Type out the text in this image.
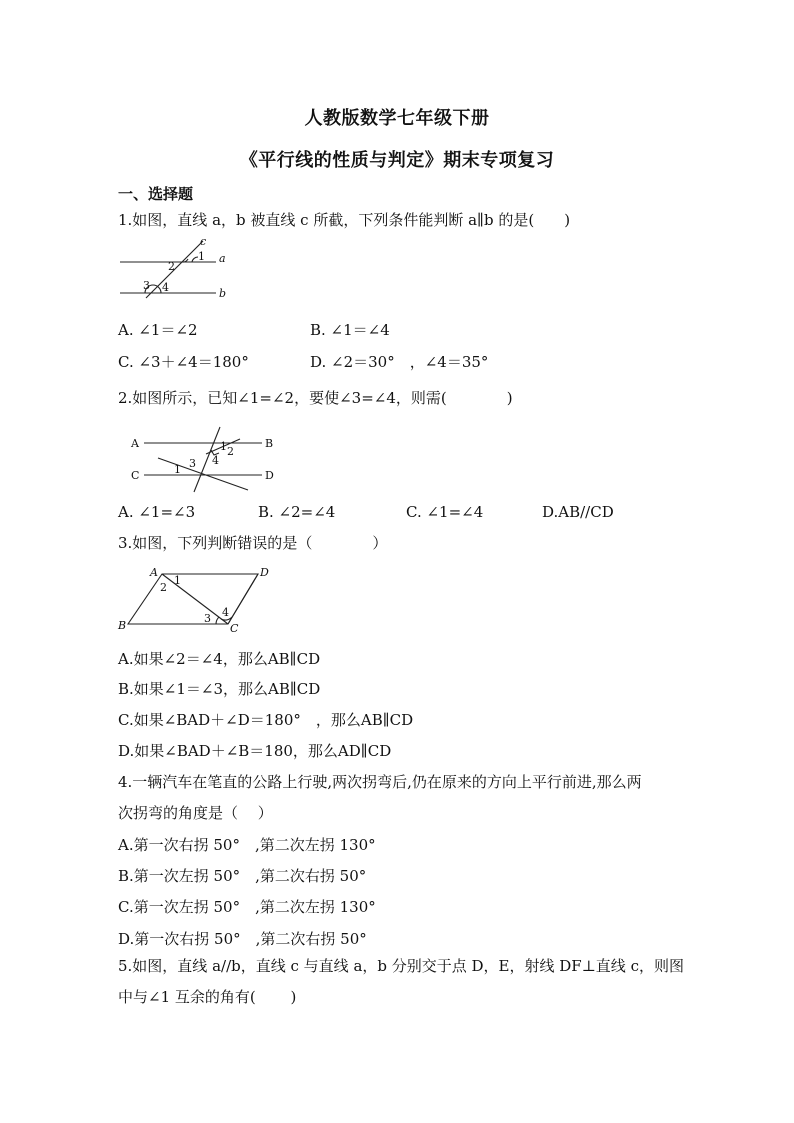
人教版数学七年级下册
《平行线的性质与判定》期末专项复习
一、选择题
1.如图，直线 a，b 被直线 c 所截，下列条件能判断 a∥b 的是(　　)
c
a
b
1
2
3 4
A. ∠1＝∠2	B. ∠1＝∠4
C. ∠3＋∠4＝180°	D. ∠2＝30°　，∠4＝35°
2.如图所示，已知∠1=∠2，要使∠3=∠4，则需(　　　　)
A	B
C	D
1 2
3 4
1
A. ∠1=∠3	B. ∠2=∠4	C. ∠1=∠4	D.AB//CD
3.如图，下列判断错误的是（　　　　）
A	D
B	C
1
2
3 4
A.如果∠2＝∠4，那么AB∥CD
B.如果∠1＝∠3，那么AB∥CD
C.如果∠BAD＋∠D＝180°　，那么AB∥CD
D.如果∠BAD＋∠B＝180，那么AD∥CD
4.一辆汽车在笔直的公路上行驶,两次拐弯后,仍在原来的方向上平行前进,那么两
次拐弯的角度是（　 ）
A.第一次右拐 50°　,第二次左拐 130°
B.第一次左拐 50°　,第二次右拐 50°
C.第一次左拐 50°　,第二次左拐 130°
D.第一次右拐 50°　,第二次右拐 50°
5.如图，直线 a//b，直线 c 与直线 a，b 分别交于点 D，E，射线 DF⊥直线 c，则图
中与∠1 互余的角有(　　 )
